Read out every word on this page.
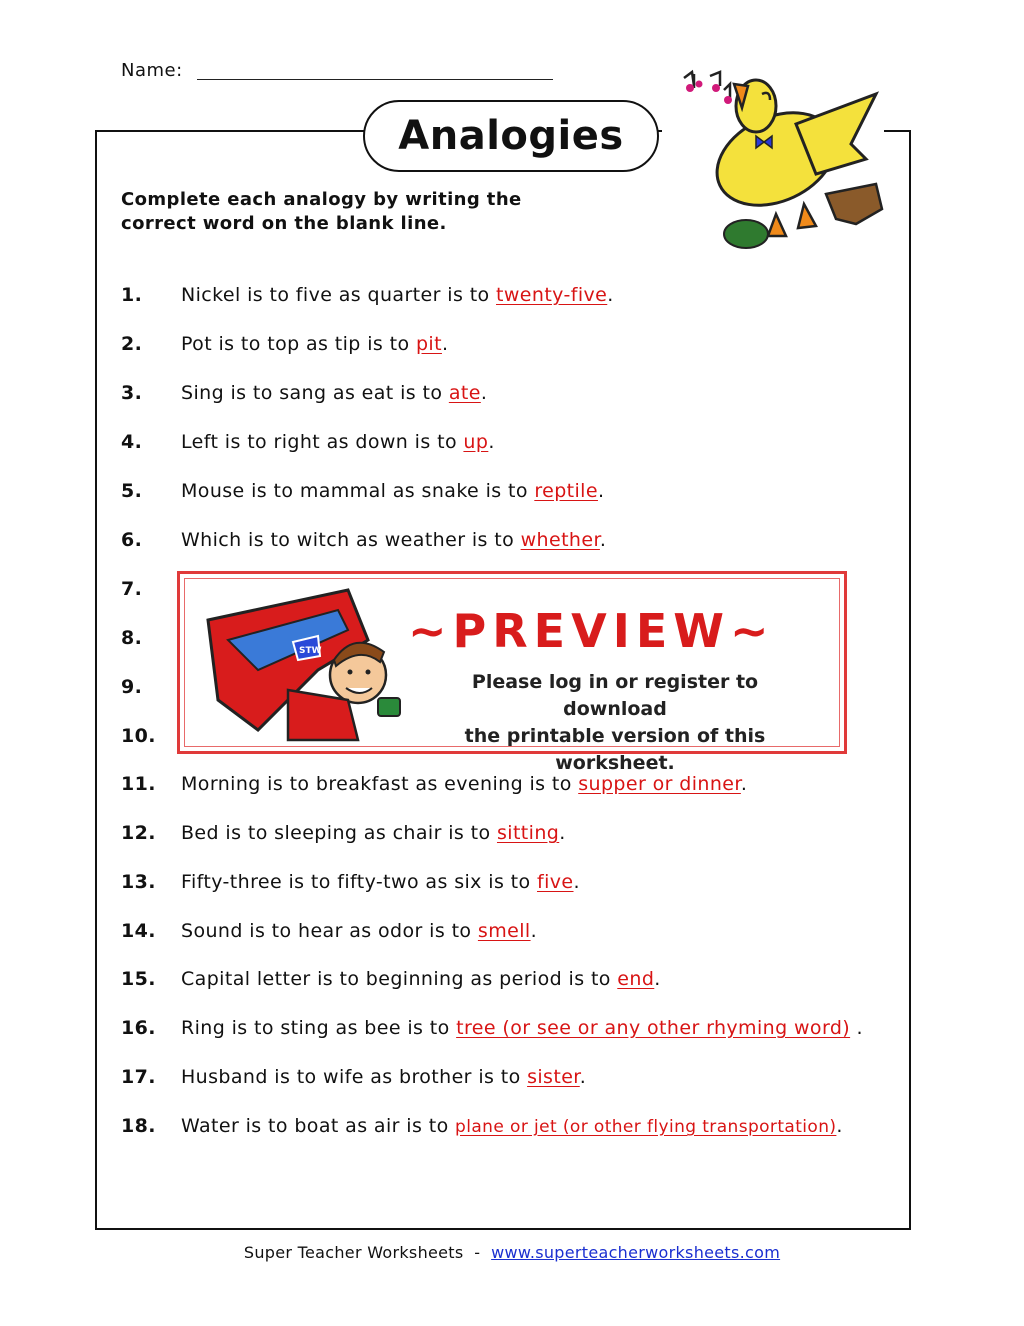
Name:
Analogies
Complete each analogy by writing the
correct word on the blank line.
1. Nickel is to five as quarter is to twenty-five.
2. Pot is to top as tip is to pit.
3. Sing is to sang as eat is to ate.
4. Left is to right as down is to up.
5. Mouse is to mammal as snake is to reptile.
6. Which is to witch as weather is to whether.
7.
8.
9.
10.
STW ~PREVIEW~
Please log in or register to download
the printable version of this worksheet.
11. Morning is to breakfast as evening is to supper or dinner.
12. Bed is to sleeping as chair is to sitting.
13. Fifty-three is to fifty-two as six is to five.
14. Sound is to hear as odor is to smell.
15. Capital letter is to beginning as period is to end.
16. Ring is to sting as bee is to tree (or see or any other rhyming word) .
17. Husband is to wife as brother is to sister.
18. Water is to boat as air is to plane or jet (or other flying transportation).
Super Teacher Worksheets  -  www.superteacherworksheets.com
